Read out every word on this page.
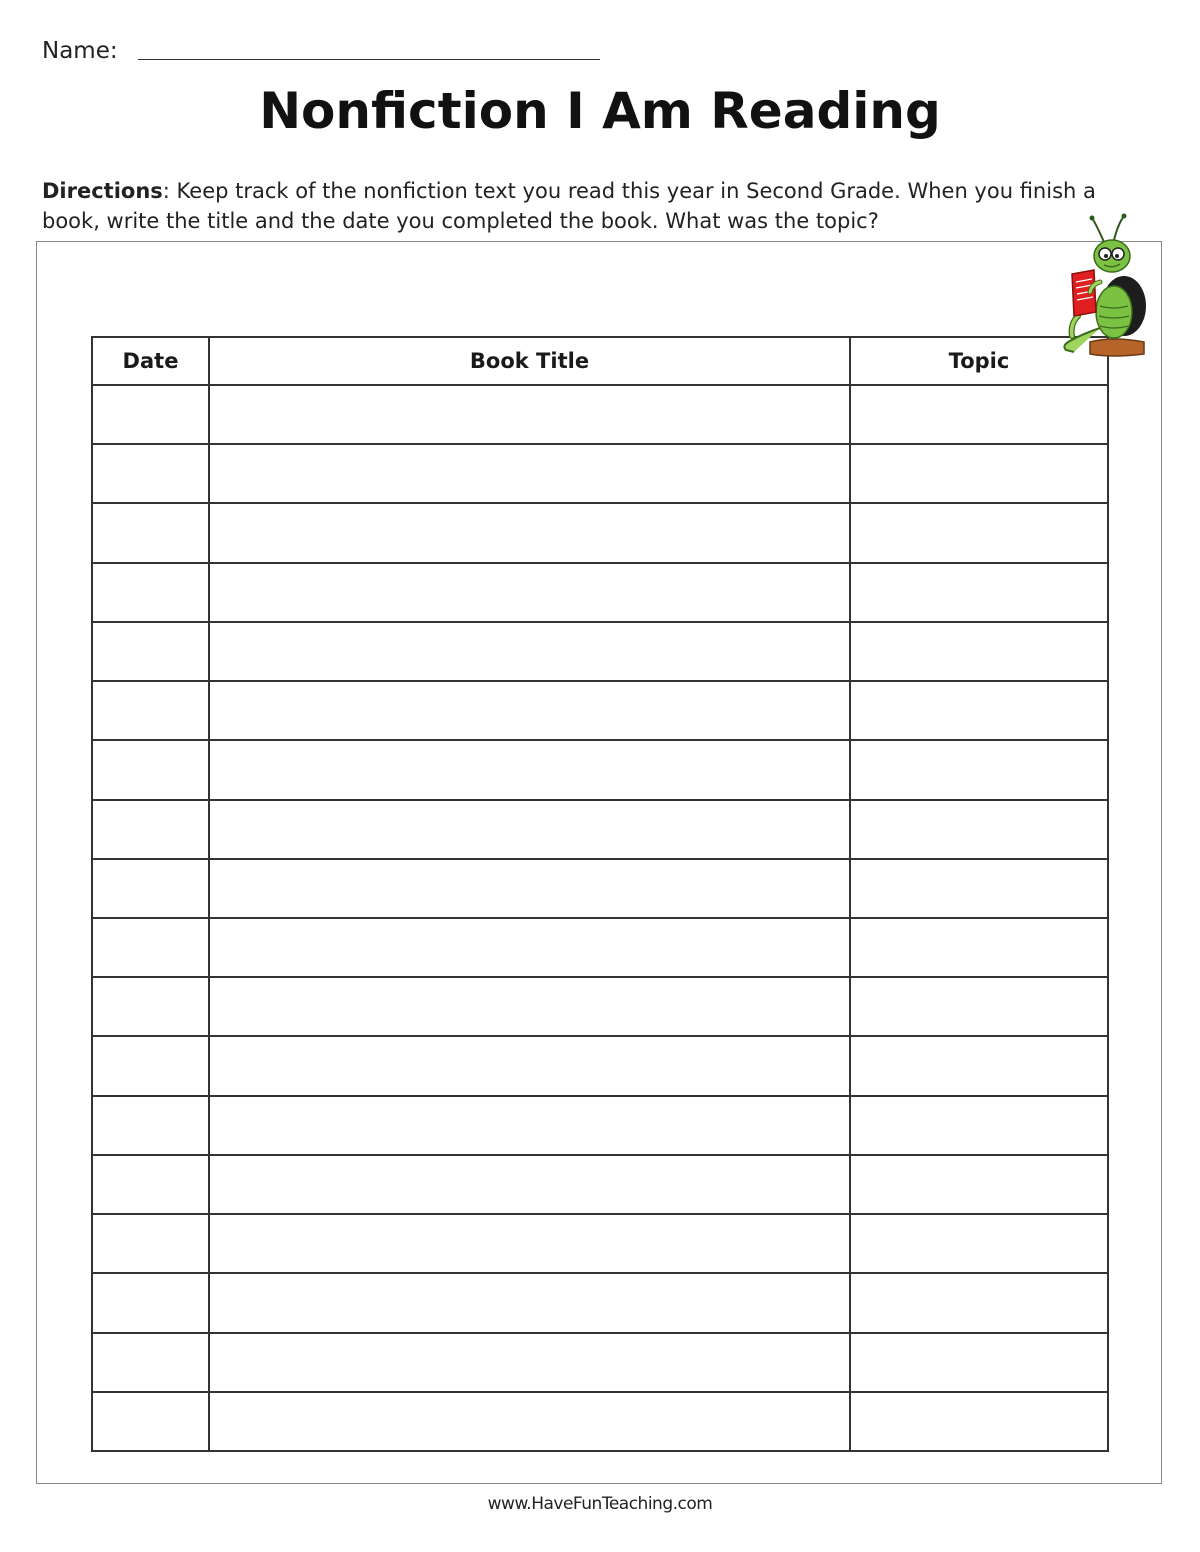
Name:
Nonfiction I Am Reading
Directions: Keep track of the nonfiction text you read this year in Second Grade. When you finish a book, write the title and the date you completed the book. What was the topic?
Date	Book Title	Topic

www.HaveFunTeaching.com
